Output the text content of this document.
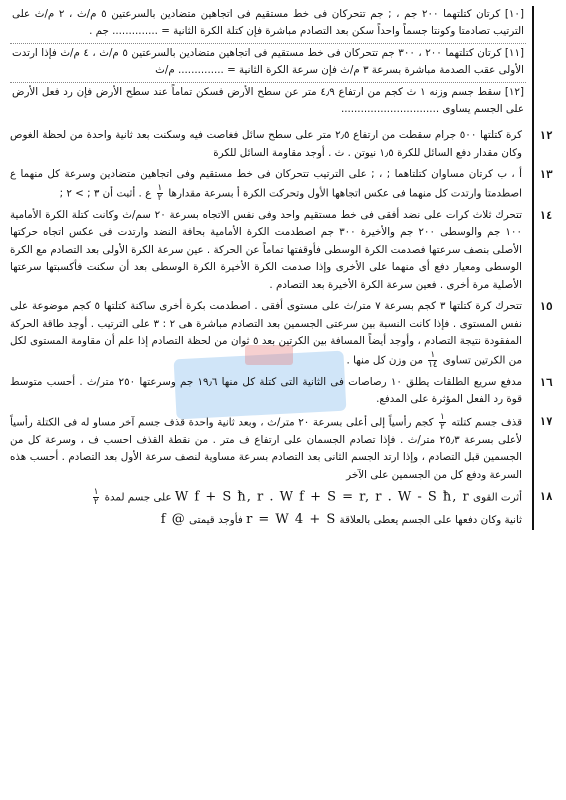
[١٠] كرتان كتلتهما ٢٠٠ جم ، ; جم تتحركان فى خط مستقيم فى اتجاهين متضادين بالسرعتين ٥ م/ث ، ٢ م/ث على الترتيب تصادمتا وكونتا جسماً واحداً سكن بعد التصادم مباشرة فإن كتلة الكرة الثانية = .............. جم .
[١١] كرتان كتلتهما ٢٠٠ ، ٣٠٠ جم تتحركان فى خط مستقيم فى اتجاهين متضادين بالسرعتين ٥ م/ث ، ٤ م/ث فإذا ارتدت الأولى عقب الصدمة مباشرة بسرعة ٣ م/ث فإن سرعة الكرة الثانية = .............. م/ث
[١٢] سقط جسم وزنه ١ ث كجم من ارتفاع ٤٫٩ متر عن سطح الأرض فسكن تماماً عند سطح الأرض فإن رد فعل الأرض على الجسم يساوى ..............................
١٢
كرة كتلتها ٥٠٠ جرام سقطت من ارتفاع ٢٫٥ متر على سطح سائل فغاصت فيه وسكنت بعد ثانية واحدة من لحظة الغوص وكان مقدار دفع السائل للكرة ١٫٥ نيوتن . ث . أوجد مقاومة السائل للكرة
١٣
أ ، ب كرتان مساوان كتلتاهما ; ، ; على الترتيب تتحركان فى خط مستقيم وفى اتجاهين متضادين وسرعة كل منهما ع اصطدمتا وارتدت كل منهما فى عكس اتجاهها الأول وتحركت الكرة أ بسرعة مقدارها
$\frac{١}{٢}$
ع . أثبت أن ٣ ; > ٢ ;
١٤
تتحرك ثلاث كرات على نضد أفقى فى خط مستقيم واحد وفى نفس الاتجاه بسرعة ٢٠ سم/ث وكانت كتلة الكرة الأمامية ١٠٠ جم والوسطى ٢٠٠ جم والأخيرة ٣٠٠ جم اصطدمت الكرة الأمامية بحافة النضد وارتدت فى عكس اتجاه حركتها الأصلى بنصف سرعتها فصدمت الكرة الوسطى فأوقفتها تماماً عن الحركة . عين سرعة الكرة الأولى بعد التصادم مع الكرة الوسطى ومعيار دفع أى منهما على الأخرى وإذا صدمت الكرة الأخيرة الكرة الوسطى بعد أن سكنت فأكسبتها سرعتها الأصلية مرة أخرى . فعين سرعة الكرة الأخيرة بعد التصادم .
١٥
تتحرك كرة كتلتها ٣ كجم بسرعة ٧ متر/ث على مستوى أفقى . اصطدمت بكرة أخرى ساكنة كتلتها ٥ كجم موضوعة على نفس المستوى . فإذا كانت النسبة بين سرعتى الجسمين بعد التصادم مباشرة هى ٢ : ٣ على الترتيب . أوجد طاقة الحركة المفقودة نتيجة التصادم ، وأوجد أيضاً المسافة بين الكرتين بعد ٥ ثوان من لحظة التصادم إذا علم أن مقاومة المستوى لكل من الكرتين تساوى
$\frac{١}{١٤}$
من وزن كل منها .
١٦
مدفع سريع الطلقات يطلق ١٠ رصاصات فى الثانية التى كتلة كل منها ١٩٫٦ جم وسرعتها ٢٥٠ متر/ث . أحسب متوسط قوة رد الفعل المؤثرة على المدفع.
١٧
قذف جسم كتلته
$\frac{١}{٢}$
كجم رأسياً إلى أعلى بسرعة ٢٠ متر/ث ، وبعد ثانية واحدة قذف جسم آخر مساو له فى الكتلة رأسياً لأعلى بسرعة ٢٥٫٣ متر/ث . فإذا تصادم الجسمان على ارتفاع ف متر . من نقطة القذف احسب ف ، وسرعة كل من الجسمين قبل التصادم ، وإذا ارتد الجسم الثانى بعد التصادم بسرعة مساوية لنصف سرعة الأول بعد التصادم . أحسب هذه السرعة ودفع كل من الجسمين على الآخر
١٨
أثرت القوى W f + S ħ, r . W f + S = r, r . W - S ħ, r على جسم لمدة
$\frac{١}{٢}$
ثانية وكان دفعها على الجسم يعطى بالعلاقة r = W 4 + S فأوجد قيمتى f @
